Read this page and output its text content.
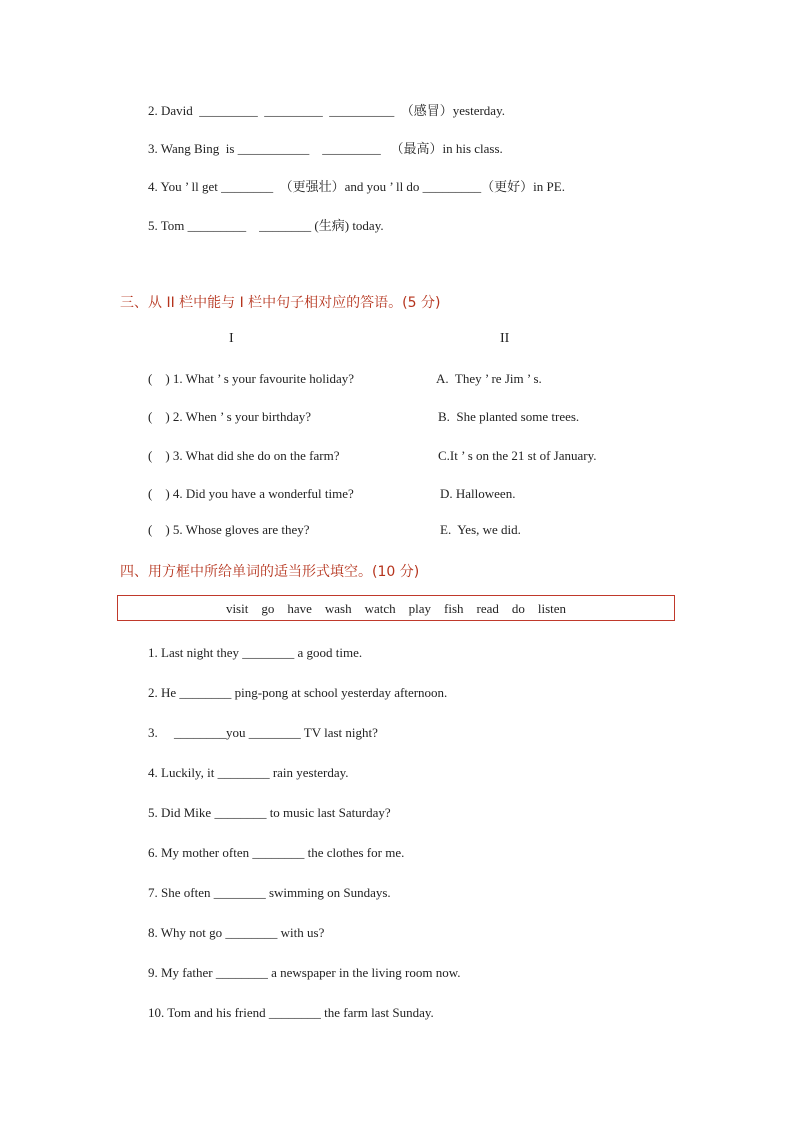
2. David  _________  _________  __________  （感冒）yesterday.
3. Wang Bing  is ___________    _________   （最高）in his class.
4. You ’ ll get ________  （更强壮）and you ’ ll do _________（更好）in PE.
5. Tom _________    ________ (生病) today.
三、从 II 栏中能与 I 栏中句子相对应的答语。(5 分)
I	II
(    ) 1. What ’ s your favourite holiday?
(    ) 2. When ’ s your birthday?
(    ) 3. What did she do on the farm?
(    ) 4. Did you have a wonderful time?
(    ) 5. Whose gloves are they?
A.  They ’ re Jim ’ s.
B.  She planted some trees.
C.It ’ s on the 21 st of January.
D. Halloween.
E.  Yes, we did.
四、用方框中所给单词的适当形式填空。(10 分)
visit    go    have    wash    watch    play    fish    read    do    listen
1. Last night they ________ a good time.
2. He ________ ping-pong at school yesterday afternoon.
3.     ________you ________ TV last night?
4. Luckily, it ________ rain yesterday.
5. Did Mike ________ to music last Saturday?
6. My mother often ________ the clothes for me.
7. She often ________ swimming on Sundays.
8. Why not go ________ with us?
9. My father ________ a newspaper in the living room now.
10. Tom and his friend ________ the farm last Sunday.
